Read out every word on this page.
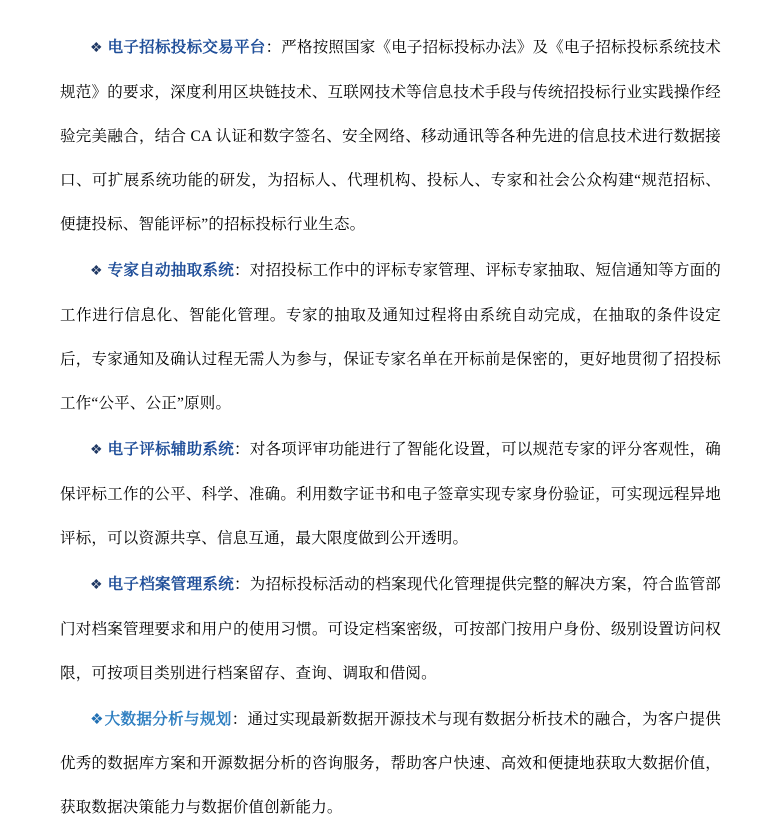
❖ 电子招标投标交易平台：严格按照国家《电子招标投标办法》及《电子招标投标系统技术规范》的要求，深度利用区块链技术、互联网技术等信息技术手段与传统招投标行业实践操作经验完美融合，结合 CA 认证和数字签名、安全网络、移动通讯等各种先进的信息技术进行数据接口、可扩展系统功能的研发，为招标人、代理机构、投标人、专家和社会公众构建“规范招标、便捷投标、智能评标”的招标投标行业生态。

❖ 专家自动抽取系统：对招投标工作中的评标专家管理、评标专家抽取、短信通知等方面的工作进行信息化、智能化管理。专家的抽取及通知过程将由系统自动完成，在抽取的条件设定后，专家通知及确认过程无需人为参与，保证专家名单在开标前是保密的，更好地贯彻了招投标工作“公平、公正”原则。

❖ 电子评标辅助系统：对各项评审功能进行了智能化设置，可以规范专家的评分客观性，确保评标工作的公平、科学、准确。利用数字证书和电子签章实现专家身份验证，可实现远程异地评标，可以资源共享、信息互通，最大限度做到公开透明。

❖ 电子档案管理系统：为招标投标活动的档案现代化管理提供完整的解决方案，符合监管部门对档案管理要求和用户的使用习惯。可设定档案密级，可按部门按用户身份、级别设置访问权限，可按项目类别进行档案留存、查询、调取和借阅。

❖大数据分析与规划：通过实现最新数据开源技术与现有数据分析技术的融合，为客户提供优秀的数据库方案和开源数据分析的咨询服务，帮助客户快速、高效和便捷地获取大数据价值，获取数据决策能力与数据价值创新能力。
